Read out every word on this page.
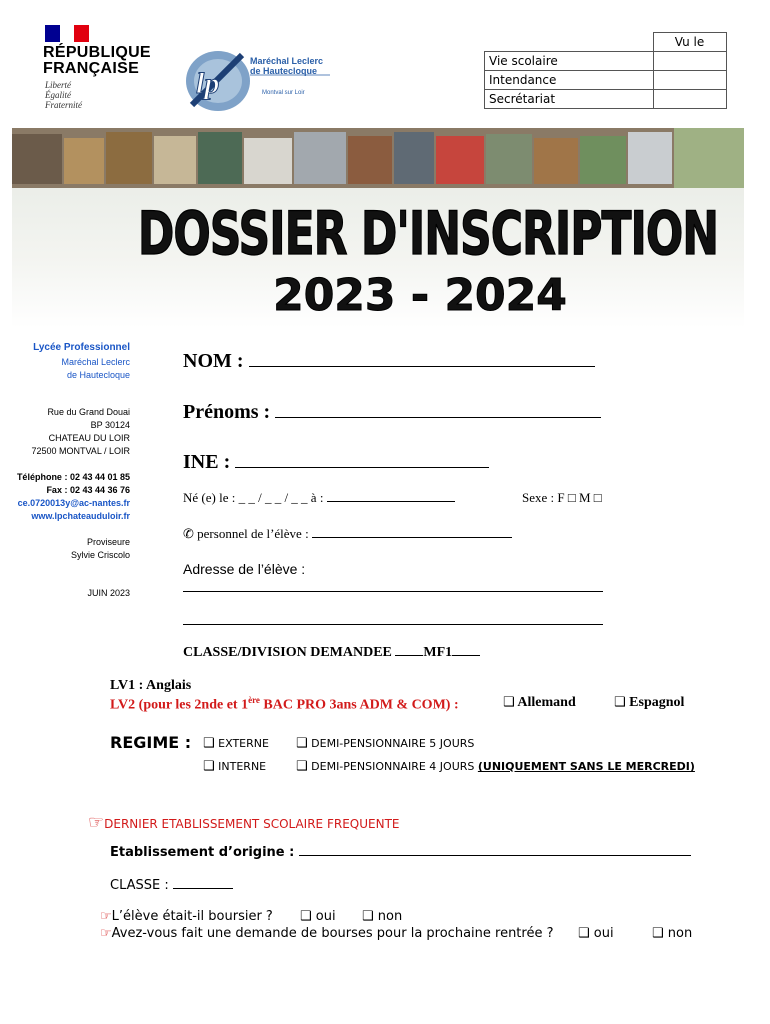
RÉPUBLIQUE
FRANÇAISE
Liberté
Égalité
Fraternité
lp
Maréchal Leclerc
de Hautecloque
Montval sur Loir
	Vu le
Vie scolaire	
Intendance	
Secrétariat	
DOSSIER D'INSCRIPTION
2023 - 2024
Lycée Professionnel
Maréchal Leclerc
de Hautecloque
Rue du Grand Douai
BP 30124
CHATEAU DU LOIR
72500 MONTVAL / LOIR
Téléphone : 02 43 44 01 85
Fax : 02 43 44 36 76
ce.0720013y@ac-nantes.fr
www.lpchateauduloir.fr
Proviseure
Sylvie Criscolo
JUIN 2023
NOM :
Prénoms :
INE :
Né (e) le : _ _ / _ _ / _ _ à :	Sexe : F □ M □
✆ personnel de l’élève :
Adresse de l’élève :
CLASSE/DIVISION DEMANDEE MF1
LV1 : Anglais
LV2 (pour les 2nde et 1ère BAC PRO 3ans ADM & COM) :	❑ Allemand	❑ Espagnol
REGIME : ❑ EXTERNE ❑ DEMI-PENSIONNAIRE 5 JOURS
❑ INTERNE ❑ DEMI-PENSIONNAIRE 4 JOURS (UNIQUEMENT SANS LE MERCREDI)
☞DERNIER ETABLISSEMENT SCOLAIRE FREQUENTE
Etablissement d’origine :
CLASSE :
☞L’élève était-il boursier ? ❑ oui ❑ non
☞Avez-vous fait une demande de bourses pour la prochaine rentrée ? ❑ oui	❑ non
